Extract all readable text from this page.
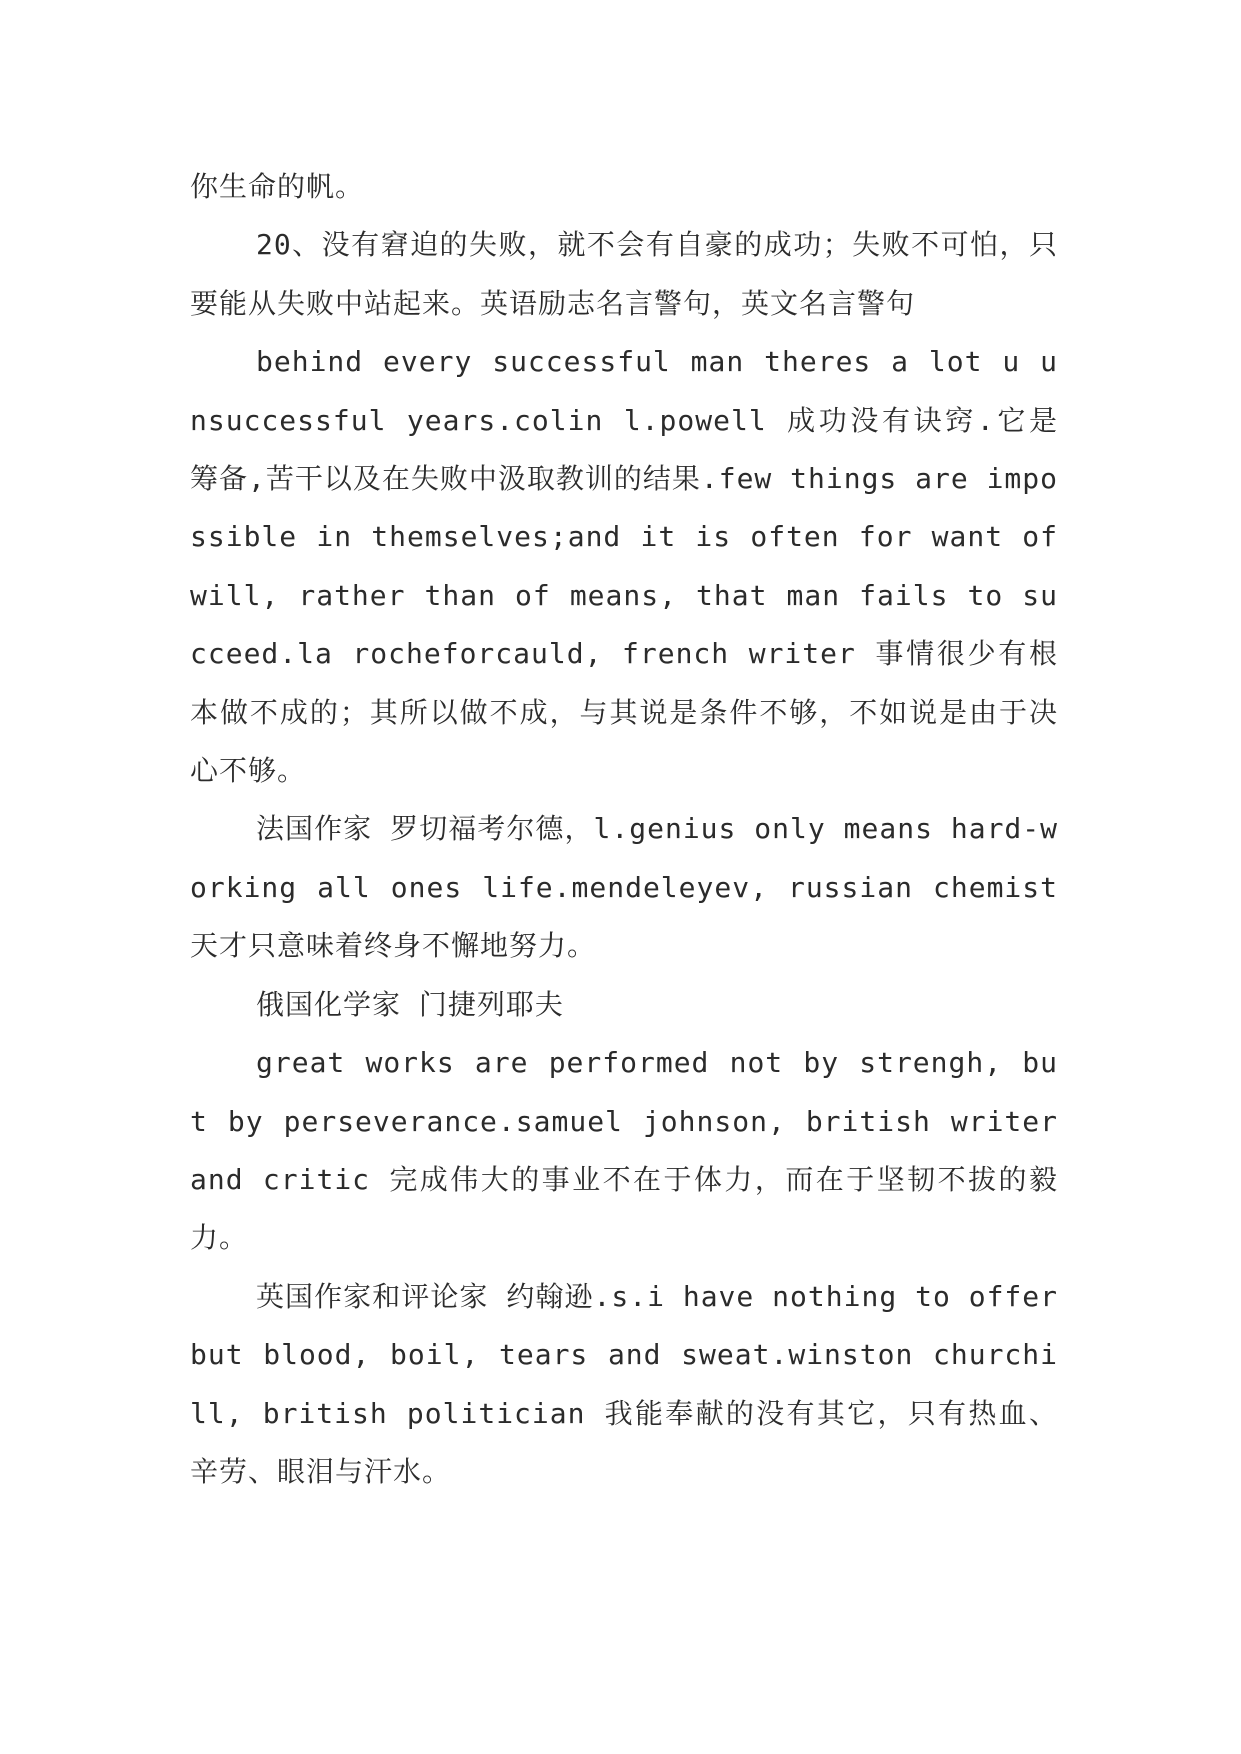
你生命的帆。

20、没有窘迫的失败，就不会有自豪的成功；失败不可怕，只要能从失败中站起来。英语励志名言警句，英文名言警句

behind every successful man theres a lot u unsuccessful years.colin l.powell 成功没有诀窍.它是筹备,苦干以及在失败中汲取教训的结果.few things are impossible in themselves;and it is often for want of will, rather than of means, that man fails to succeed.la rocheforcauld, french writer 事情很少有根本做不成的；其所以做不成，与其说是条件不够，不如说是由于决心不够。

法国作家 罗切福考尔德，l.genius only means hard-working all ones life.mendeleyev, russian chemist 天才只意味着终身不懈地努力。

俄国化学家 门捷列耶夫

great works are performed not by strengh, but by perseverance.samuel johnson, british writer and critic 完成伟大的事业不在于体力，而在于坚韧不拔的毅力。

英国作家和评论家 约翰逊.s.i have nothing to offer but blood, boil, tears and sweat.winston churchill, british politician 我能奉献的没有其它，只有热血、辛劳、眼泪与汗水。
